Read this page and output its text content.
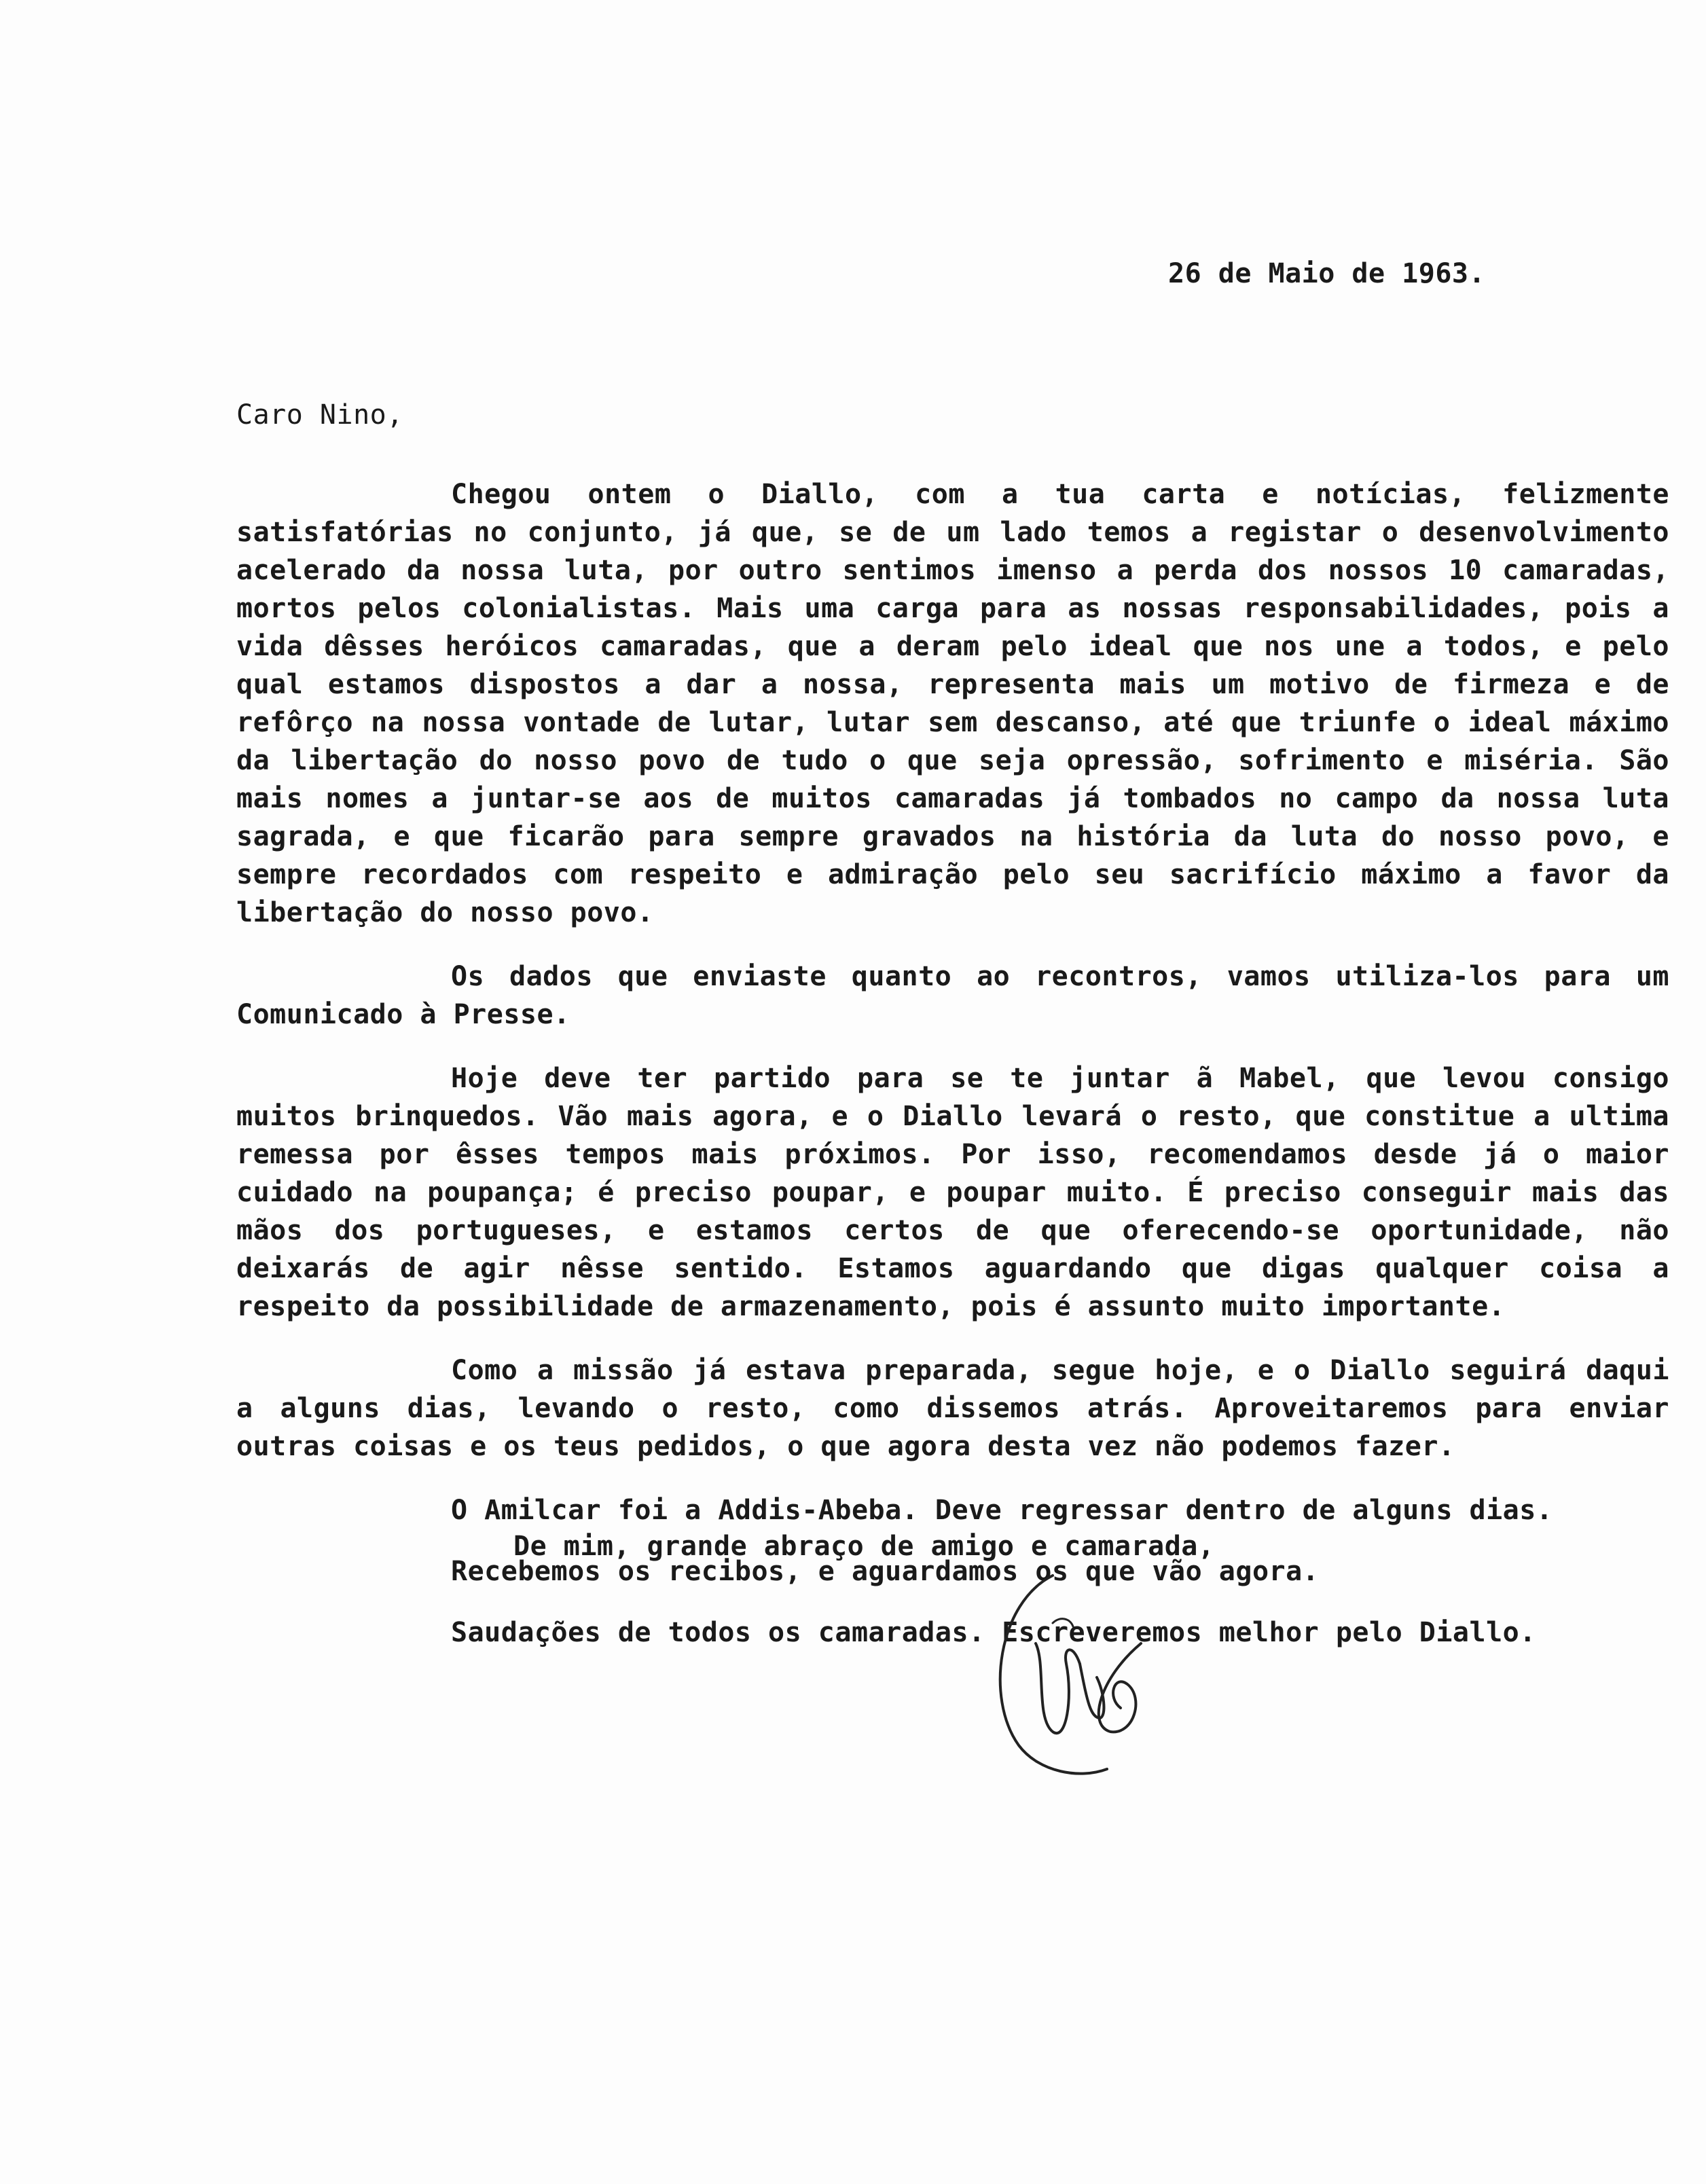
26 de Maio de 1963.
Caro Nino,

Chegou ontem o Diallo, com a tua carta e notícias, felizmente satisfatórias no conjunto, já que, se de um lado temos a registar o desenvolvimento acelerado da nossa luta, por outro sentimos imenso a perda dos nossos 10 camaradas, mortos pelos colonialistas. Mais uma carga para as nossas responsabilidades, pois a vida dêsses heróicos camaradas, que a deram pelo ideal que nos une a todos, e pelo qual estamos dispostos a dar a nossa, representa mais um motivo de firmeza e de refôrço na nossa vontade de lutar, lutar sem descanso, até que triunfe o ideal máximo da libertação do nosso povo de tudo o que seja opressão, sofrimento e miséria. São mais nomes a juntar-se aos de muitos camaradas já tombados no campo da nossa luta sagrada, e que ficarão para sempre gravados na história da luta do nosso povo, e sempre recordados com respeito e admiração pelo seu sacrifício máximo a favor da libertação do nosso povo.

Os dados que enviaste quanto ao recontros, vamos utiliza-los para um Comunicado à Presse.

Hoje deve ter partido para se te juntar ã Mabel, que levou consigo muitos brinquedos. Vão mais agora, e o Diallo levará o resto, que constitue a ultima remessa por êsses tempos mais próximos. Por isso, recomendamos desde já o maior cuidado na poupança; é preciso poupar, e poupar muito. É preciso conseguir mais das mãos dos portugueses, e estamos certos de que oferecendo-se oportunidade, não deixarás de agir nêsse sentido. Estamos aguardando que digas qualquer coisa a respeito da possibilidade de armazenamento, pois é assunto muito importante.

Como a missão já estava preparada, segue hoje, e o Diallo seguirá daqui a alguns dias, levando o resto, como dissemos atrás. Aproveitaremos para enviar outras coisas e os teus pedidos, o que agora desta vez não podemos fazer.

O Amilcar foi a Addis-Abeba. Deve regressar dentro de alguns dias.
Recebemos os recibos, e aguardamos os que vão agora.
Saudações de todos os camaradas. Escreveremos melhor pelo Diallo.
De mim, grande abraço de amigo e camarada,
